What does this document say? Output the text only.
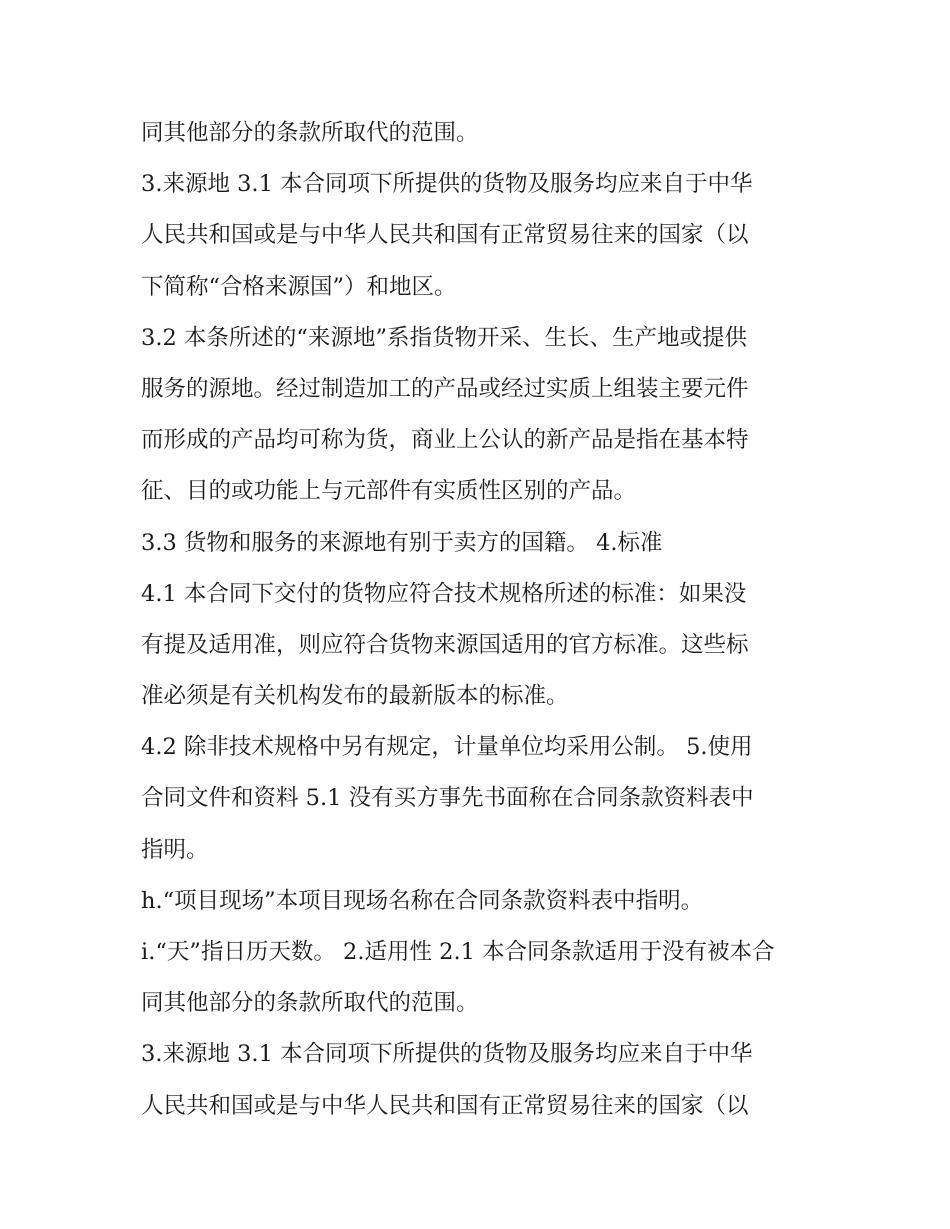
同其他部分的条款所取代的范围。
3.来源地 3.1 本合同项下所提供的货物及服务均应来自于中华
人民共和国或是与中华人民共和国有正常贸易往来的国家（以
下简称“合格来源国”）和地区。
3.2 本条所述的“来源地”系指货物开采、生长、生产地或提供
服务的源地。经过制造加工的产品或经过实质上组装主要元件
而形成的产品均可称为货，商业上公认的新产品是指在基本特
征、目的或功能上与元部件有实质性区别的产品。
3.3 货物和服务的来源地有别于卖方的国籍。 4.标准
4.1 本合同下交付的货物应符合技术规格所述的标准：如果没
有提及适用准，则应符合货物来源国适用的官方标准。这些标
准必须是有关机构发布的最新版本的标准。
4.2 除非技术规格中另有规定，计量单位均采用公制。 5.使用
合同文件和资料 5.1 没有买方事先书面称在合同条款资料表中
指明。
h.“项目现场”本项目现场名称在合同条款资料表中指明。
i.“天”指日历天数。 2.适用性 2.1 本合同条款适用于没有被本合
同其他部分的条款所取代的范围。
3.来源地 3.1 本合同项下所提供的货物及服务均应来自于中华
人民共和国或是与中华人民共和国有正常贸易往来的国家（以
